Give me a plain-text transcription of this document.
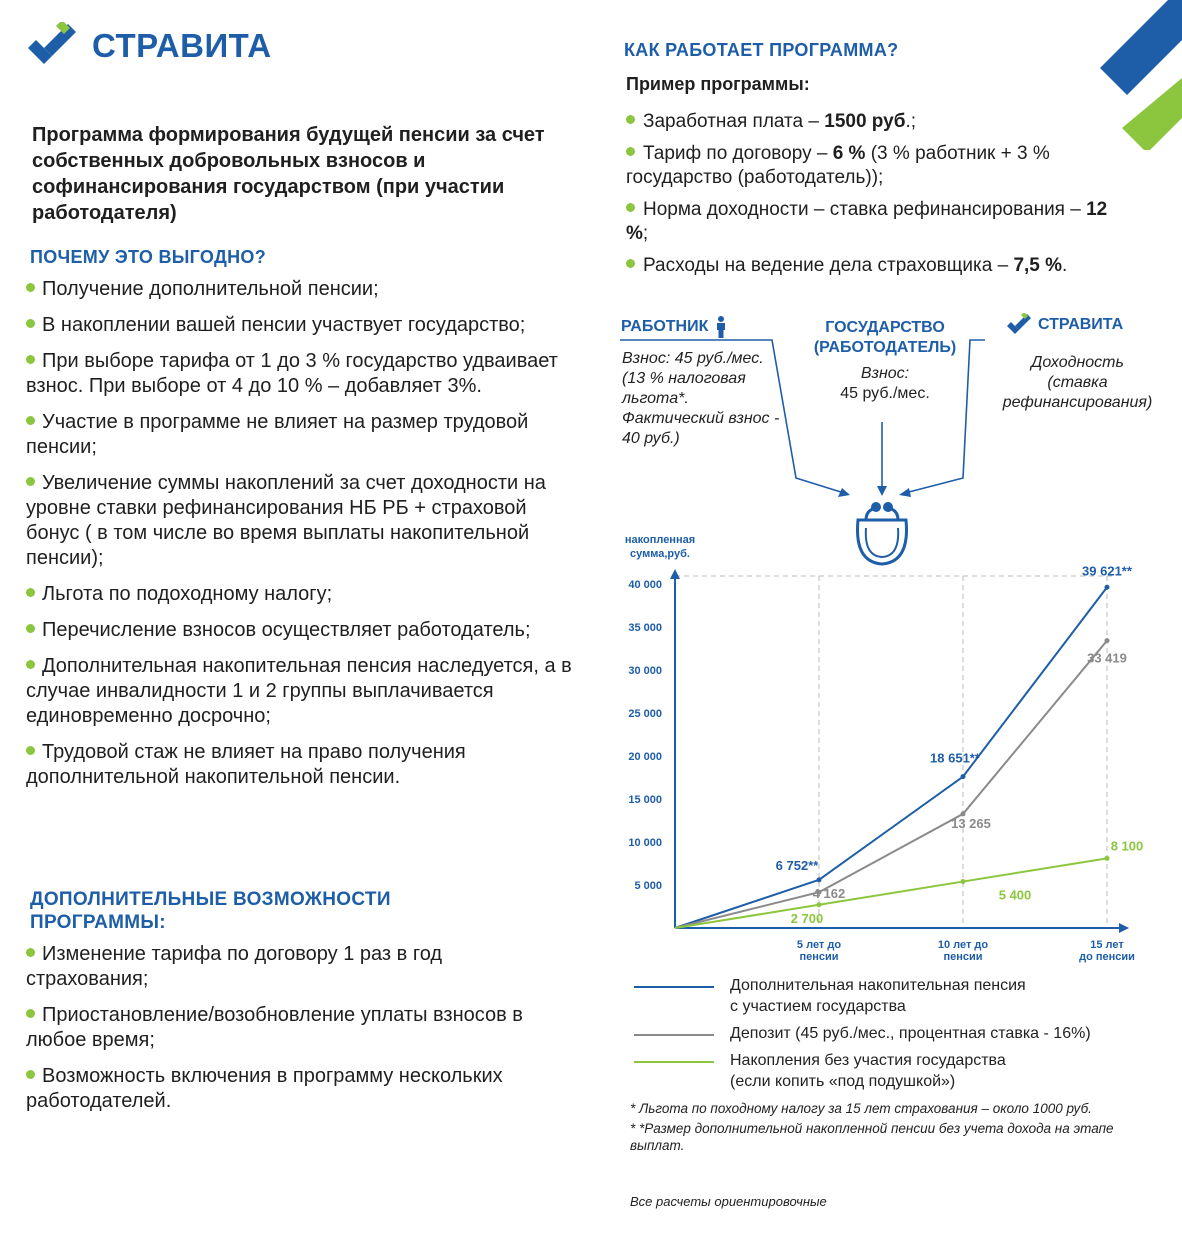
СТРАВИТА
Программа формирования будущей пенсии за счет собственных добровольных взносов и софинансирования государством (при участии работодателя)
ПОЧЕМУ ЭТО ВЫГОДНО?
Получение дополнительной пенсии;
В накоплении вашей пенсии участвует государство;
При выборе тарифа от 1 до 3 % государство удваивает взнос. При выборе от 4 до 10 % – добавляет 3%.
Участие в программе не влияет на размер трудовой пенсии;
Увеличение суммы накоплений за счет доходности на уровне ставки рефинансирования НБ РБ + страховой бонус ( в том числе во время выплаты накопительной пенсии);
Льгота по подоходному налогу;
Перечисление взносов осуществляет работодатель;
Дополнительная накопительная пенсия наследуется, а в случае инвалидности 1 и 2 группы выплачивается единовременно досрочно;
Трудовой стаж не влияет на право получения дополнительной накопительной пенсии.
ДОПОЛНИТЕЛЬНЫЕ ВОЗМОЖНОСТИ ПРОГРАММЫ:
Изменение тарифа по договору 1 раз в год страхования;
Приостановление/возобновление уплаты взносов в любое время;
Возможность включения в программу нескольких работодателей.
КАК РАБОТАЕТ ПРОГРАММА?
Пример программы:
Заработная плата – 1500 руб.;
Тариф по договору – 6 % (3 % работник + 3 % государство (работодатель));
Норма доходности – ставка рефинансирования – 12 %;
Расходы на ведение дела страховщика – 7,5 %.
РАБОТНИК
Взнос: 45 руб./мес. (13 % налоговая льгота*. Фактический взнос - 40 руб.)
ГОСУДАРСТВО
(РАБОТОДАТЕЛЬ)
Взнос:
45 руб./мес.
СТРАВИТА
Доходность
(ставка
рефинансирования)
накопленная
сумма,руб.
5 000
10 000
15 000
20 000
25 000
30 000
35 000
40 000
5 лет до пенсии
10 лет до пенсии
15 лет до пенсии
6 752**
18 651**
39 621**
4 162
13 265
33 419
2 700
5 400
8 100
Дополнительная накопительная пенсия
с участием государства
Депозит (45 руб./мес., процентная ставка - 16%)
Накопления без участия государства
(если копить «под подушкой»)

* Льгота по походному налогу за 15 лет страхования – около 1000 руб.

* *Размер дополнительной накопленной пенсии без учета дохода на этапе выплат.

Все расчеты ориентировочные
